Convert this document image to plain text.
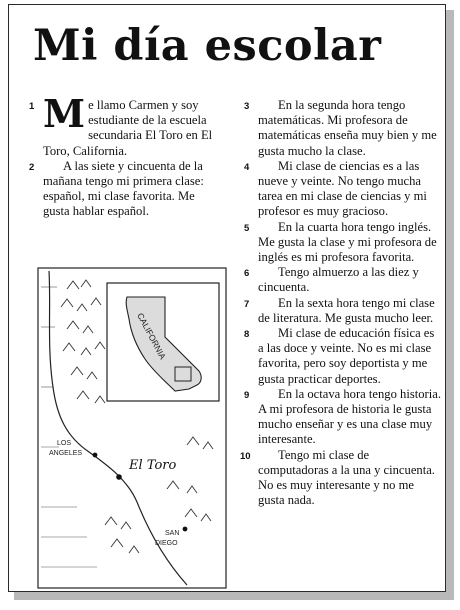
Mi día escolar

1 M e llamo Carmen y soy estudiante de la escuela secundaria El Toro en El Toro, California.

2 A las siete y cincuenta de la mañana tengo mi primera clase: español, mi clase favorita. Me gusta hablar español.

CALIFORNIA
LOS
ANGELES
El Toro
SAN
DIEGO

3 En la segunda hora tengo matemáticas. Mi profesora de matemáticas enseña muy bien y me gusta mucho la clase.

4 Mi clase de ciencias es a las nueve y veinte. No tengo mucha tarea en mi clase de ciencias y mi profesor es muy gracioso.

5 En la cuarta hora tengo inglés. Me gusta la clase y mi profesora de inglés es mi profesora favorita.

6 Tengo almuerzo a las diez y cincuenta.

7 En la sexta hora tengo mi clase de literatura. Me gusta mucho leer.

8 Mi clase de educación física es a las doce y veinte. No es mi clase favorita, pero soy deportista y me gusta practicar deportes.

9 En la octava hora tengo historia. A mi profesora de historia le gusta mucho enseñar y es una clase muy interesante.

10 Tengo mi clase de computadoras a la una y cincuenta. No es muy interesante y no me gusta nada.
